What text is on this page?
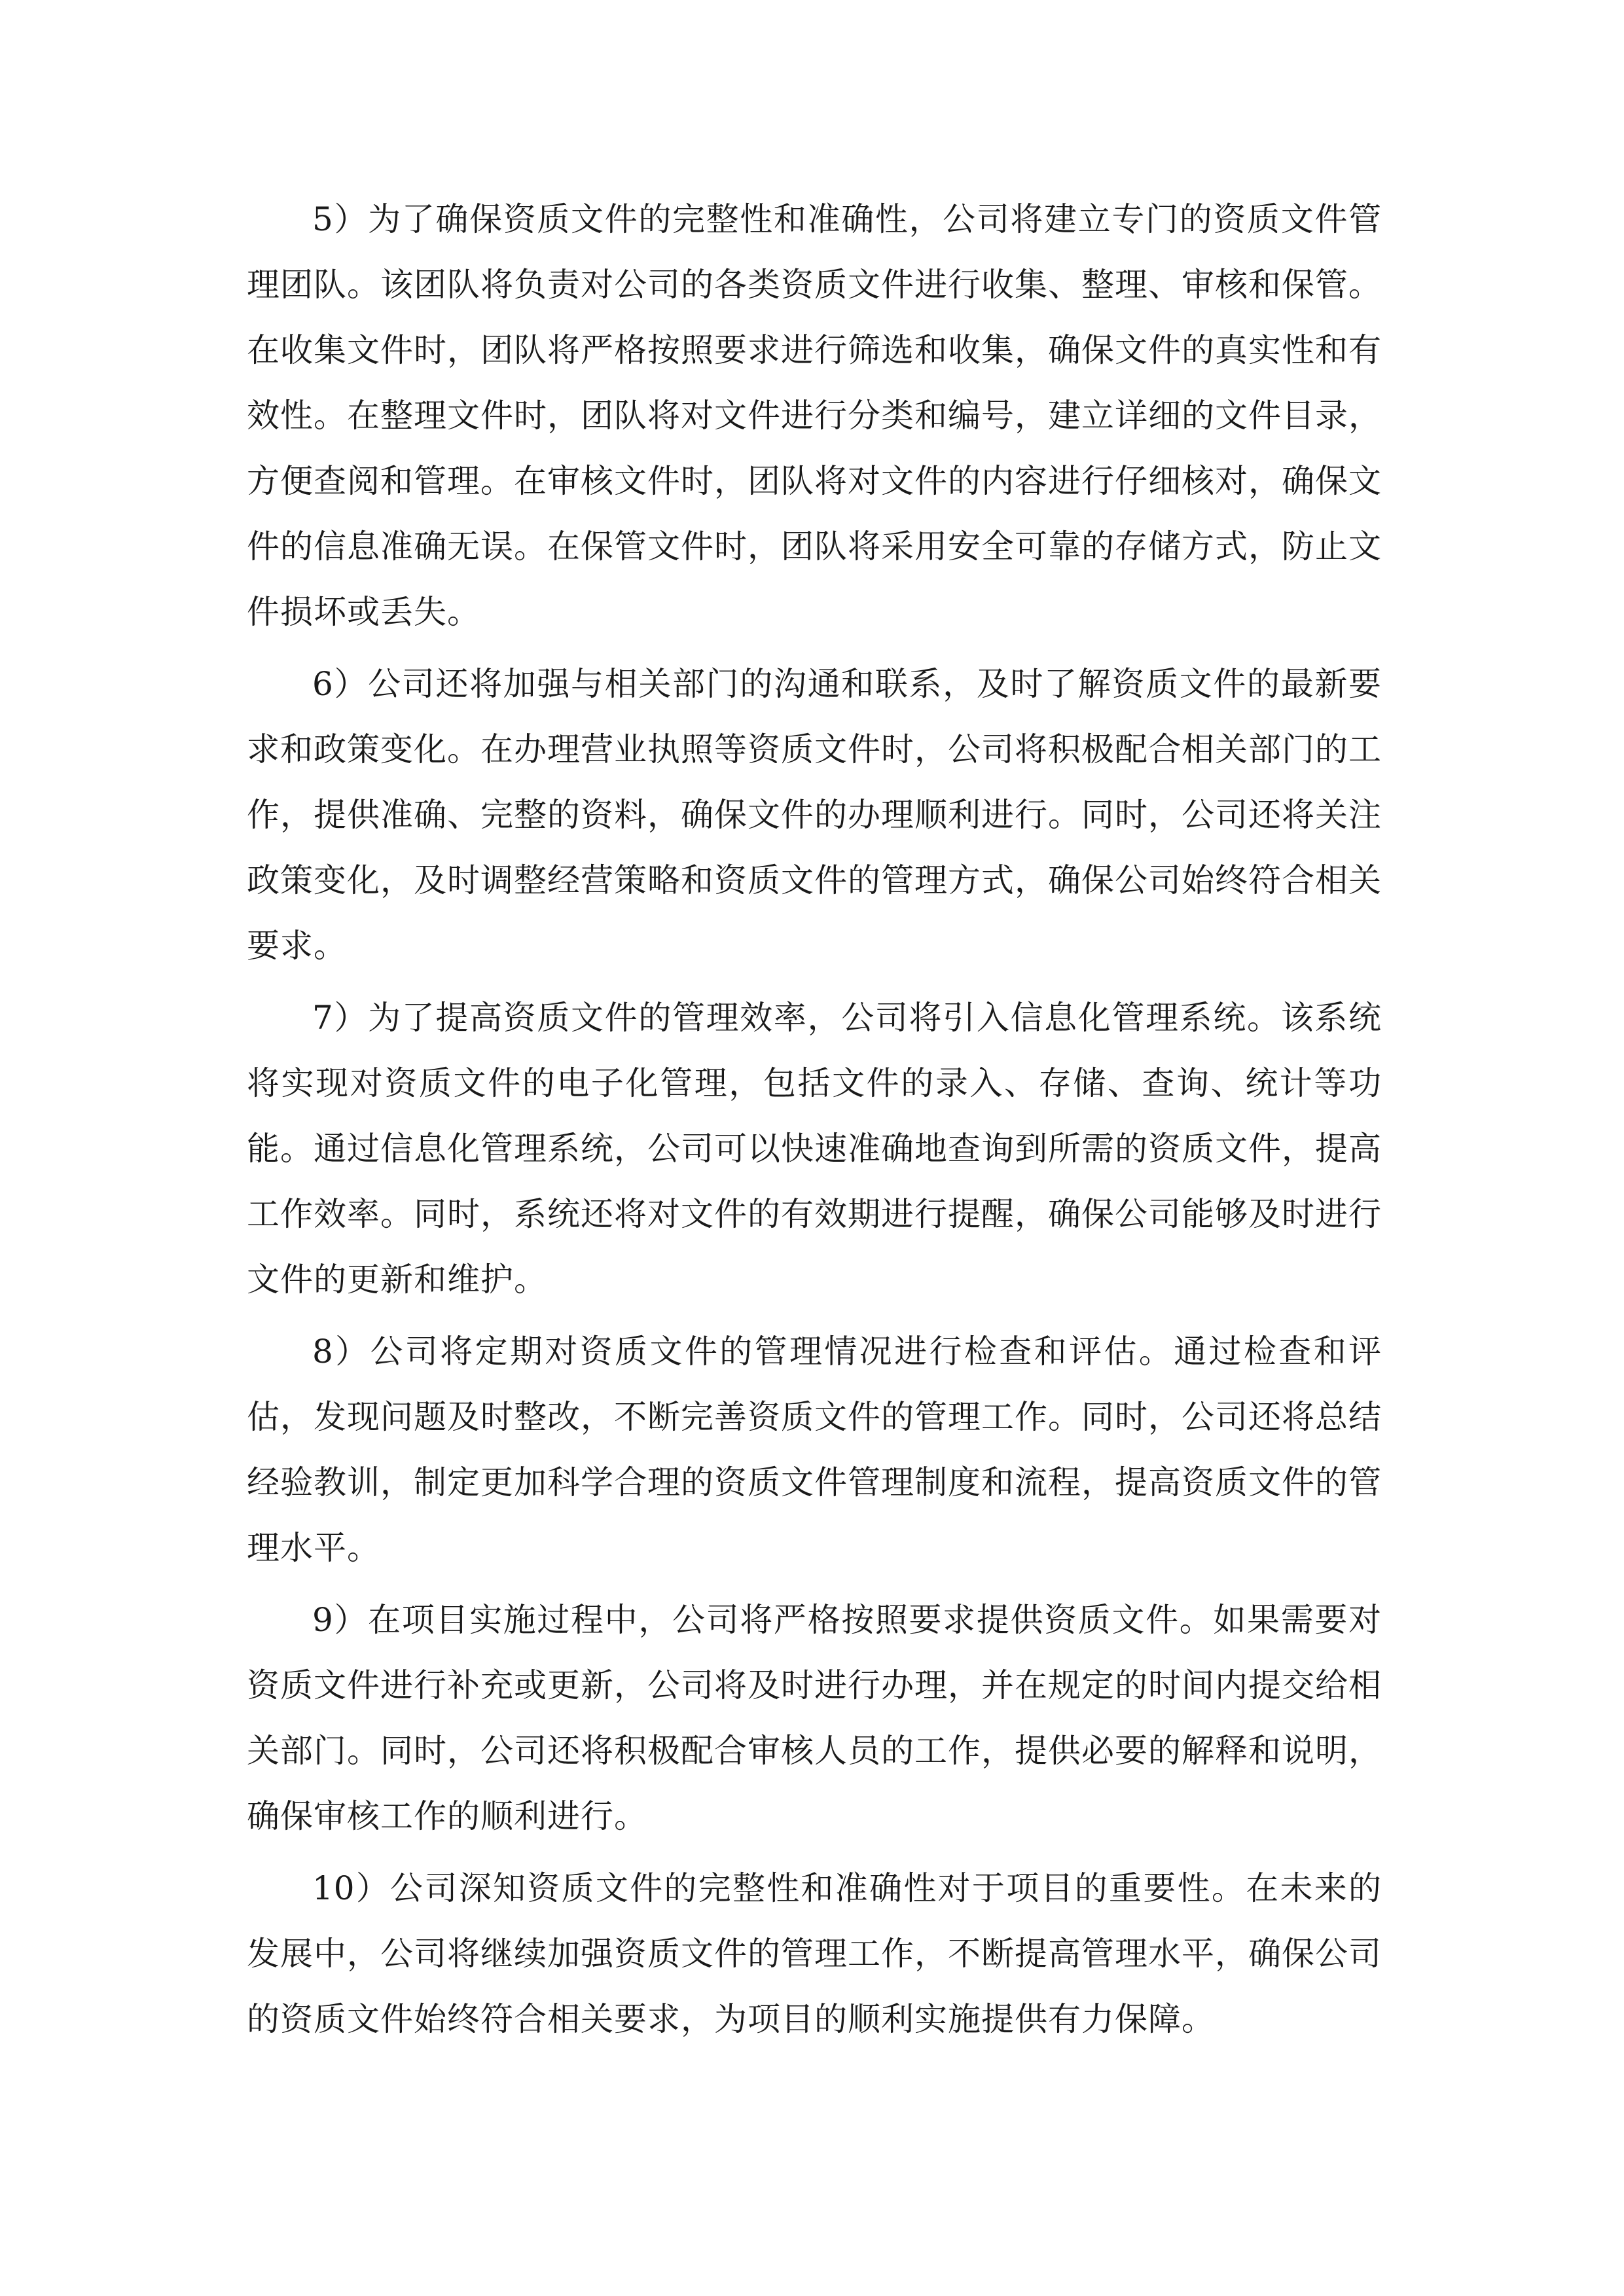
5）为了确保资质文件的完整性和准确性，公司将建立专门的资质文件管理团队。该团队将负责对公司的各类资质文件进行收集、整理、审核和保管。在收集文件时，团队将严格按照要求进行筛选和收集，确保文件的真实性和有效性。在整理文件时，团队将对文件进行分类和编号，建立详细的文件目录，方便查阅和管理。在审核文件时，团队将对文件的内容进行仔细核对，确保文件的信息准确无误。在保管文件时，团队将采用安全可靠的存储方式，防止文件损坏或丢失。

6）公司还将加强与相关部门的沟通和联系，及时了解资质文件的最新要求和政策变化。在办理营业执照等资质文件时，公司将积极配合相关部门的工作，提供准确、完整的资料，确保文件的办理顺利进行。同时，公司还将关注政策变化，及时调整经营策略和资质文件的管理方式，确保公司始终符合相关要求。

7）为了提高资质文件的管理效率，公司将引入信息化管理系统。该系统将实现对资质文件的电子化管理，包括文件的录入、存储、查询、统计等功能。通过信息化管理系统，公司可以快速准确地查询到所需的资质文件，提高工作效率。同时，系统还将对文件的有效期进行提醒，确保公司能够及时进行文件的更新和维护。

8）公司将定期对资质文件的管理情况进行检查和评估。通过检查和评估，发现问题及时整改，不断完善资质文件的管理工作。同时，公司还将总结经验教训，制定更加科学合理的资质文件管理制度和流程，提高资质文件的管理水平。

9）在项目实施过程中，公司将严格按照要求提供资质文件。如果需要对资质文件进行补充或更新，公司将及时进行办理，并在规定的时间内提交给相关部门。同时，公司还将积极配合审核人员的工作，提供必要的解释和说明，确保审核工作的顺利进行。

10）公司深知资质文件的完整性和准确性对于项目的重要性。在未来的发展中，公司将继续加强资质文件的管理工作，不断提高管理水平，确保公司的资质文件始终符合相关要求，为项目的顺利实施提供有力保障。
